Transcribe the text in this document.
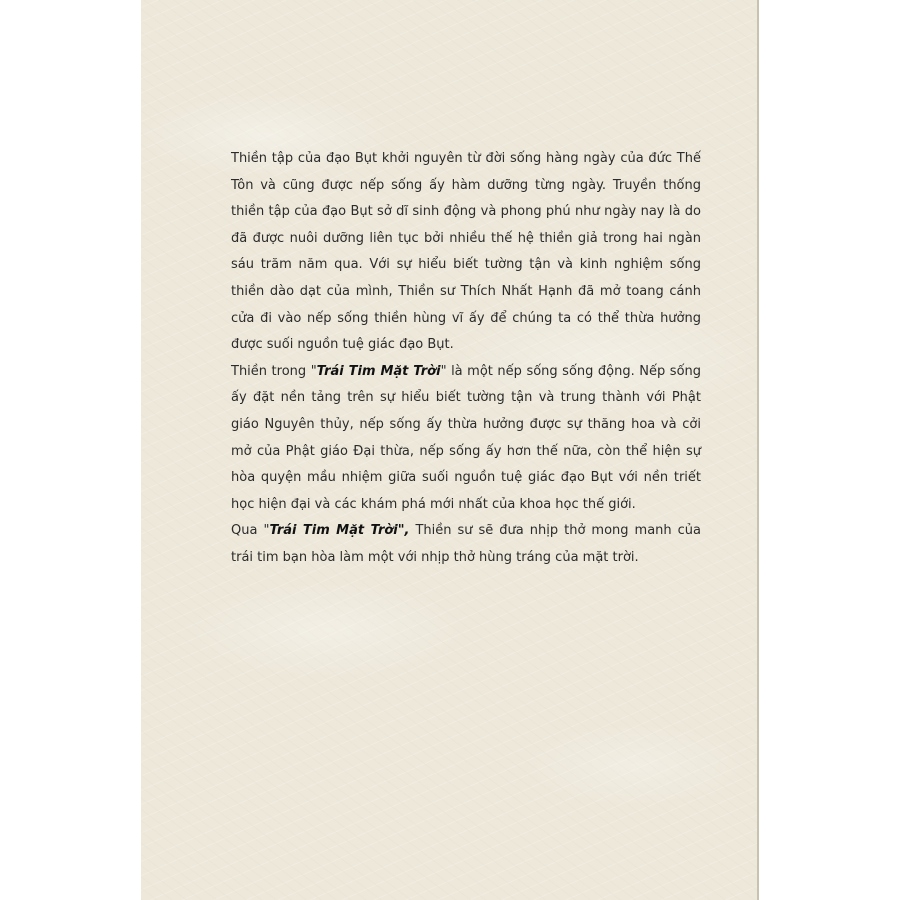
Thiền tập của đạo Bụt khởi nguyên từ đời sống hàng ngày của đức Thế Tôn và cũng được nếp sống ấy hàm dưỡng từng ngày. Truyền thống thiền tập của đạo Bụt sở dĩ sinh động và phong phú như ngày nay là do đã được nuôi dưỡng liên tục bởi nhiều thế hệ thiền giả trong hai ngàn sáu trăm năm qua. Với sự hiểu biết tường tận và kinh nghiệm sống thiền dào dạt của mình, Thiền sư Thích Nhất Hạnh đã mở toang cánh cửa đi vào nếp sống thiền hùng vĩ ấy để chúng ta có thể thừa hưởng được suối nguồn tuệ giác đạo Bụt.

Thiền trong "Trái Tim Mặt Trời" là một nếp sống sống động. Nếp sống ấy đặt nền tảng trên sự hiểu biết tường tận và trung thành với Phật giáo Nguyên thủy, nếp sống ấy thừa hưởng được sự thăng hoa và cởi mở của Phật giáo Đại thừa, nếp sống ấy hơn thế nữa, còn thể hiện sự hòa quyện mầu nhiệm giữa suối nguồn tuệ giác đạo Bụt với nền triết học hiện đại và các khám phá mới nhất của khoa học thế giới.

Qua "Trái Tim Mặt Trời", Thiền sư sẽ đưa nhịp thở mong manh của trái tim bạn hòa làm một với nhịp thở hùng tráng của mặt trời.
